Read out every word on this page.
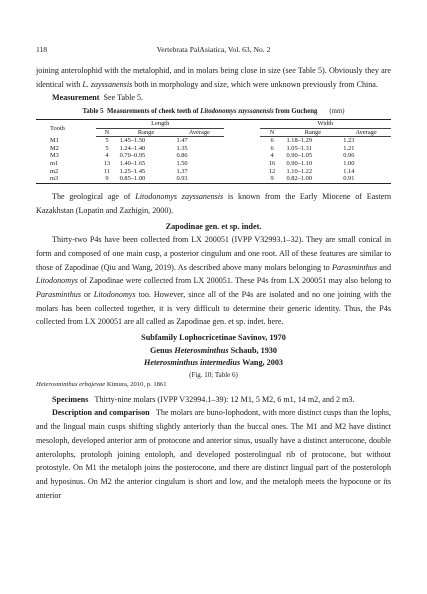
118	Vertebrata PalAsiatica, Vol. 63, No. 2

joining anterolophid with the metalophid, and in molars being close in size (see Table 5). Obviously they are identical with L. zayssanensis both in morphology and size, which were unknown previously from China.

Measurement See Table 5.

Table 5 Measurements of cheek teeth of Litodonomys zayssanensis from Gucheng (mm)
Tooth	Length				Width		
	N	Range	Average		N	Range	Average
M1	5	1.45–1.50	1.47		6	1.18–1.29	1.23
M2	5	1.24–1.40	1.35		6	1.05–1.31	1.21
M3	4	0.70–0.95	0.86		4	0.90–1.05	0.96
m1	13	1.40–1.65	1.50		16	0.90–1.10	1.00
m2	11	1.25–1.45	1.37		12	1.10–1.22	1.14
m3	9	0.85–1.00	0.93		9	0.82–1.00	0.91

The geological age of Litodonomys zayssanensis is known from the Early Miocene of Eastern Kazakhstan (Lopatin and Zazhigin, 2000).

Zapodinae gen. et sp. indet.

Thirty-two P4s have been collected from LX 200051 (IVPP V32993.1–32). They are small conical in form and composed of one main cusp, a posterior cingulum and one root. All of these features are similar to those of Zapodinae (Qiu and Wang, 2019). As described above many molars belonging to Parasminthus and Litodonomys of Zapodinae were collected from LX 200051. These P4s from LX 200051 may also belong to Parasminthus or Litodonomys too. However, since all of the P4s are isolated and no one joining with the molars has been collected together, it is very difficult to determine their generic identity. Thus, the P4s collected from LX 200051 are all called as Zapodinae gen. et sp. indet. here.

Subfamily Lophocricetinae Savinov, 1970
Genus Heterosminthus Schaub, 1930
Heterosminthus intermedius Wang, 2003
(Fig. 10; Table 6)
Heterosminthus erbajevae Kimura, 2010, p. 1861

Specimens Thirty-nine molars (IVPP V32994.1–39): 12 M1, 5 M2, 6 m1, 14 m2, and 2 m3.

Description and comparison The molars are buno-lophodont, with more distinct cusps than the lophs, and the lingual main cusps shifting slightly anteriorly than the buccal ones. The M1 and M2 have distinct mesoloph, developed anterior arm of protocone and anterior sinus, usually have a distinct anterocone, double anterolophs, protoloph joining entoloph, and developed posterolingual rib of protocone, but without protostyle. On M1 the metaloph joins the posterocone, and there are distinct lingual part of the posteroloph and hyposinus. On M2 the anterior cingulum is short and low, and the metaloph meets the hypocone or its anterior
